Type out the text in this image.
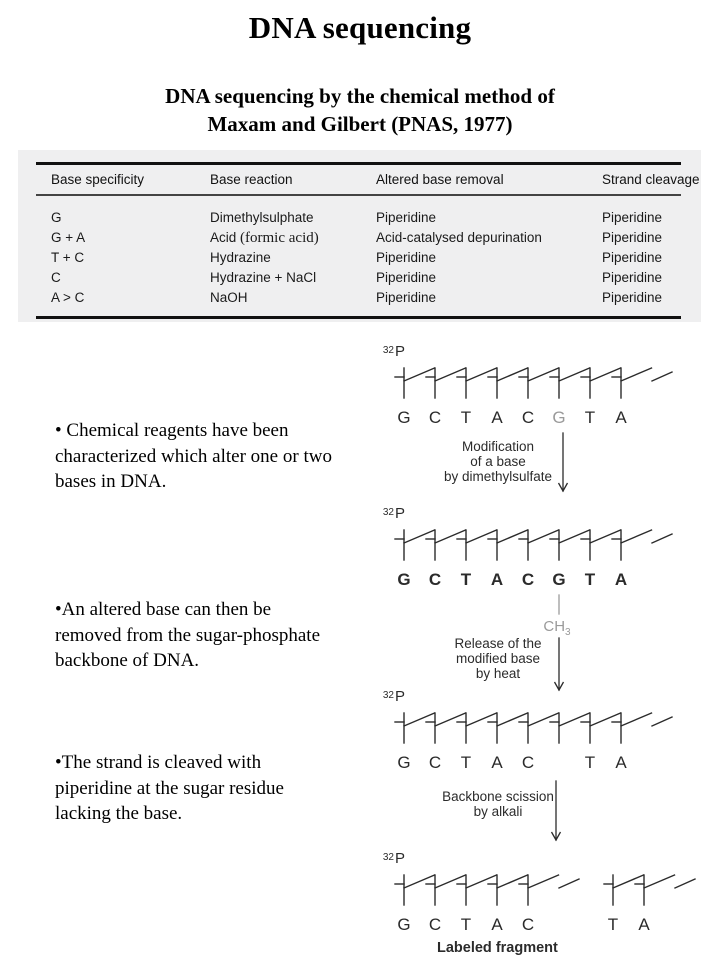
DNA sequencing
DNA sequencing by the chemical method of
Maxam and Gilbert (PNAS, 1977)
Base specificity	Base reaction	Altered base removal	Strand cleavage
G	Dimethylsulphate	Piperidine	Piperidine
G + A	Acid (formic acid)	Acid-catalysed depurination	Piperidine
T + C	Hydrazine	Piperidine	Piperidine
C	Hydrazine + NaCl	Piperidine	Piperidine
A > C	NaOH	Piperidine	Piperidine
• Chemical reagents have been characterized which alter one or two bases in DNA.
•An altered base can then be removed from the sugar-phosphate backbone of DNA.
•The strand is cleaved with piperidine at the sugar residue lacking the base.
32 P
G C T A C G T A
Modification
of a base
by dimethylsulfate
32 P
G C T A C G T A
$CH_3$
Release of the
modified base
by heat
32 P
G C T A C	T A
Backbone scission
by alkali
32 P
G C T A C
Labeled fragment
T A
